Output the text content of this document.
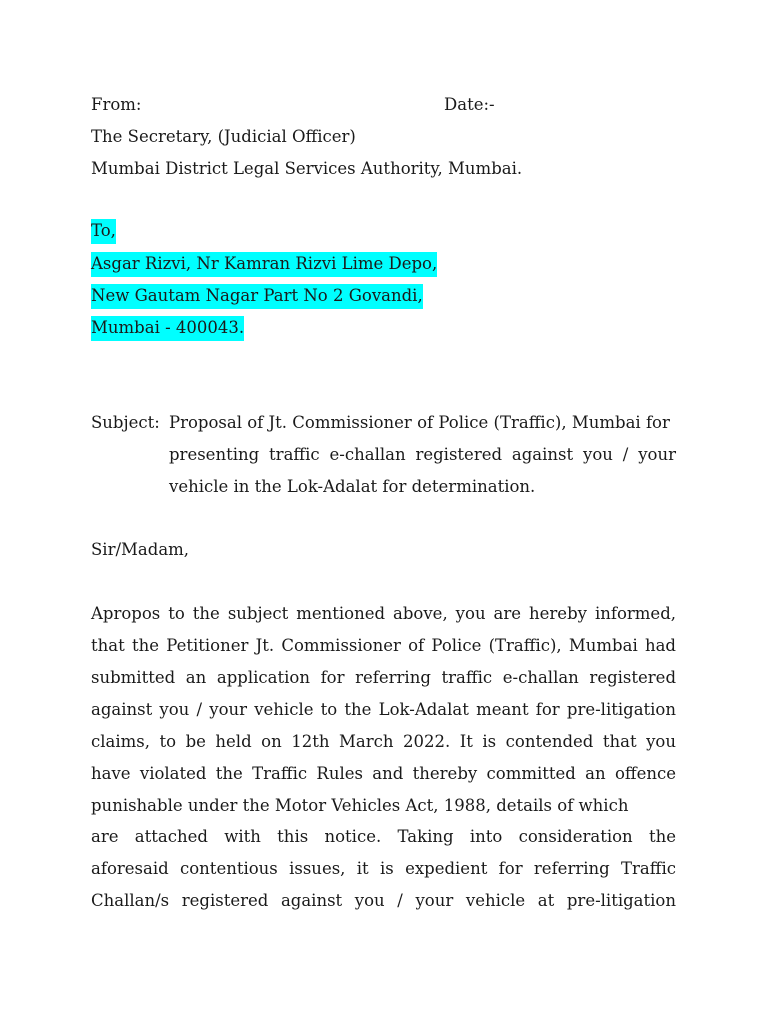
From:	Date:-
The Secretary, (Judicial Officer)
Mumbai District Legal Services Authority, Mumbai.
To,
Asgar Rizvi, Nr Kamran Rizvi Lime Depo,
New Gautam Nagar Part No 2 Govandi,
Mumbai - 400043.
Subject: Proposal of Jt. Commissioner of Police (Traffic), Mumbai for
presenting traffic e-challan registered against you / your
vehicle in the Lok-Adalat for determination.
Sir/Madam,
Apropos to the subject mentioned above, you are hereby informed,
that the Petitioner Jt. Commissioner of Police (Traffic), Mumbai had
submitted an application for referring traffic e-challan registered
against you / your vehicle to the Lok-Adalat meant for pre-litigation
claims, to be held on 12th March 2022. It is contended that you
have violated the Traffic Rules and thereby committed an offence
punishable under the Motor Vehicles Act, 1988, details of which
are attached with this notice. Taking into consideration the
aforesaid contentious issues, it is expedient for referring Traffic
Challan/s registered against you / your vehicle at pre-litigation
